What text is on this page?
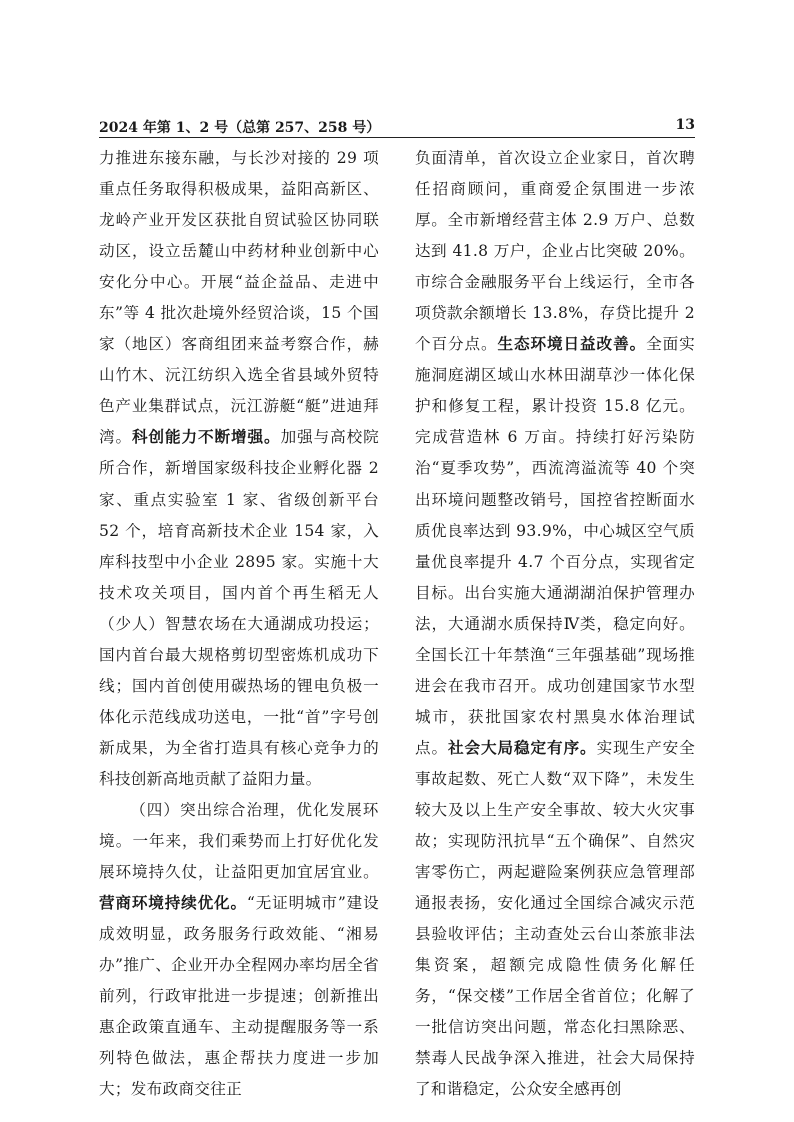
2024 年第 1、2 号（总第 257、258 号）	13

力推进东接东融，与长沙对接的 29 项重点任务取得积极成果，益阳高新区、龙岭产业开发区获批自贸试验区协同联动区，设立岳麓山中药材种业创新中心安化分中心。开展“益企益品、走进中东”等 4 批次赴境外经贸洽谈，15 个国家（地区）客商组团来益考察合作，赫山竹木、沅江纺织入选全省县域外贸特色产业集群试点，沅江游艇“艇”进迪拜湾。科创能力不断增强。加强与高校院所合作，新增国家级科技企业孵化器 2 家、重点实验室 1 家、省级创新平台 52 个，培育高新技术企业 154 家，入库科技型中小企业 2895 家。实施十大技术攻关项目，国内首个再生稻无人（少人）智慧农场在大通湖成功投运；国内首台最大规格剪切型密炼机成功下线；国内首创使用碳热场的锂电负极一体化示范线成功送电，一批“首”字号创新成果，为全省打造具有核心竞争力的科技创新高地贡献了益阳力量。

（四）突出综合治理，优化发展环境。一年来，我们乘势而上打好优化发展环境持久仗，让益阳更加宜居宜业。营商环境持续优化。“无证明城市”建设成效明显，政务服务行政效能、“湘易办”推广、企业开办全程网办率均居全省前列，行政审批进一步提速；创新推出惠企政策直通车、主动提醒服务等一系列特色做法，惠企帮扶力度进一步加大；发布政商交往正

负面清单，首次设立企业家日，首次聘任招商顾问，重商爱企氛围进一步浓厚。全市新增经营主体 2.9 万户、总数达到 41.8 万户，企业占比突破 20%。市综合金融服务平台上线运行，全市各项贷款余额增长 13.8%，存贷比提升 2 个百分点。生态环境日益改善。全面实施洞庭湖区域山水林田湖草沙一体化保护和修复工程，累计投资 15.8 亿元。完成营造林 6 万亩。持续打好污染防治“夏季攻势”，西流湾溢流等 40 个突出环境问题整改销号，国控省控断面水质优良率达到 93.9%，中心城区空气质量优良率提升 4.7 个百分点，实现省定目标。出台实施大通湖湖泊保护管理办法，大通湖水质保持Ⅳ类，稳定向好。全国长江十年禁渔“三年强基础”现场推进会在我市召开。成功创建国家节水型城市，获批国家农村黑臭水体治理试点。社会大局稳定有序。实现生产安全事故起数、死亡人数“双下降”，未发生较大及以上生产安全事故、较大火灾事故；实现防汛抗旱“五个确保”、自然灾害零伤亡，两起避险案例获应急管理部通报表扬，安化通过全国综合减灾示范县验收评估；主动查处云台山茶旅非法集资案，超额完成隐性债务化解任务，“保交楼”工作居全省首位；化解了一批信访突出问题，常态化扫黑除恶、禁毒人民战争深入推进，社会大局保持了和谐稳定，公众安全感再创
